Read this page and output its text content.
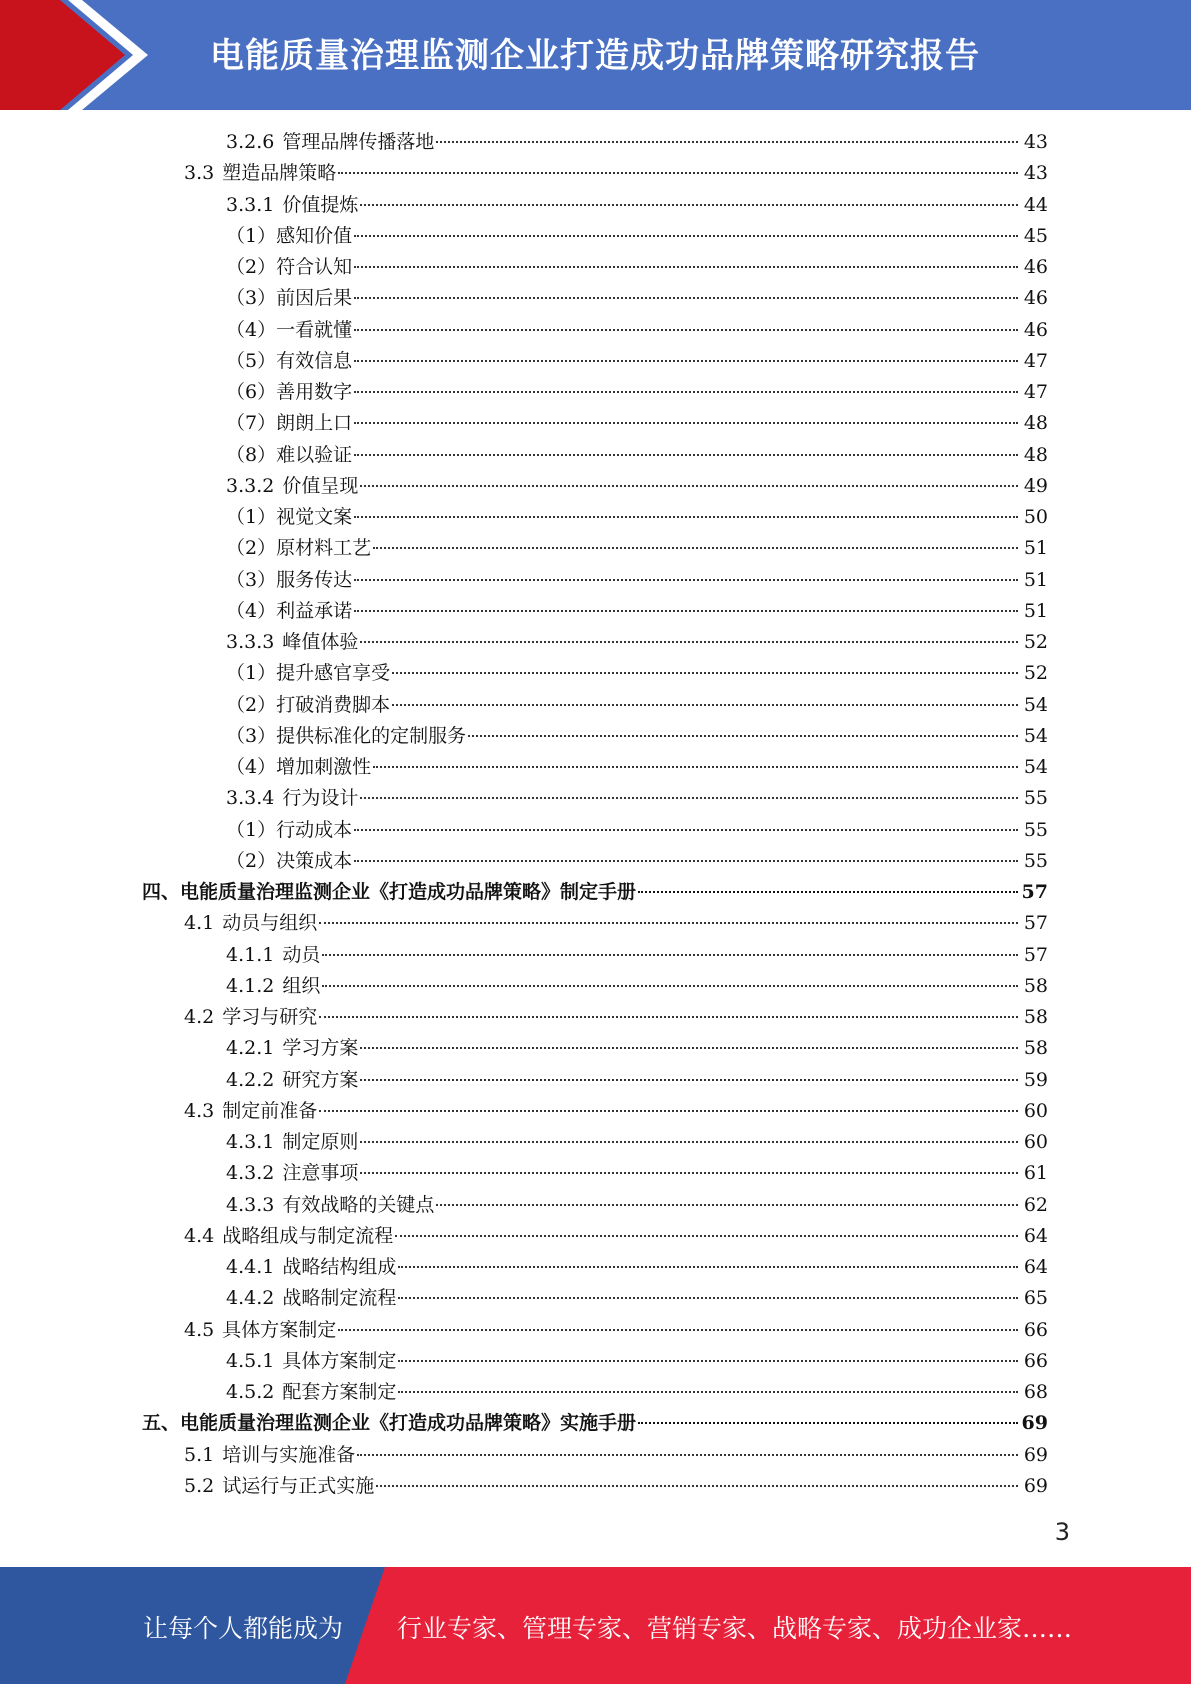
电能质量治理监测企业打造成功品牌策略研究报告
3.2.6 管理品牌传播落地	43
3.3 塑造品牌策略	43
3.3.1 价值提炼	44
（1）感知价值	45
（2）符合认知	46
（3）前因后果	46
（4）一看就懂	46
（5）有效信息	47
（6）善用数字	47
（7）朗朗上口	48
（8）难以验证	48
3.3.2 价值呈现	49
（1）视觉文案	50
（2）原材料工艺	51
（3）服务传达	51
（4）利益承诺	51
3.3.3 峰值体验	52
（1）提升感官享受	52
（2）打破消费脚本	54
（3）提供标准化的定制服务	54
（4）增加刺激性	54
3.3.4 行为设计	55
（1）行动成本	55
（2）决策成本	55
四、电能质量治理监测企业《打造成功品牌策略》制定手册	57
4.1 动员与组织	57
4.1.1 动员	57
4.1.2 组织	58
4.2 学习与研究	58
4.2.1 学习方案	58
4.2.2 研究方案	59
4.3 制定前准备	60
4.3.1 制定原则	60
4.3.2 注意事项	61
4.3.3 有效战略的关键点	62
4.4 战略组成与制定流程	64
4.4.1 战略结构组成	64
4.4.2 战略制定流程	65
4.5 具体方案制定	66
4.5.1 具体方案制定	66
4.5.2 配套方案制定	68
五、电能质量治理监测企业《打造成功品牌策略》实施手册	69
5.1 培训与实施准备	69
5.2 试运行与正式实施	69
3
让每个人都能成为 行业专家、管理专家、营销专家、战略专家、成功企业家……
